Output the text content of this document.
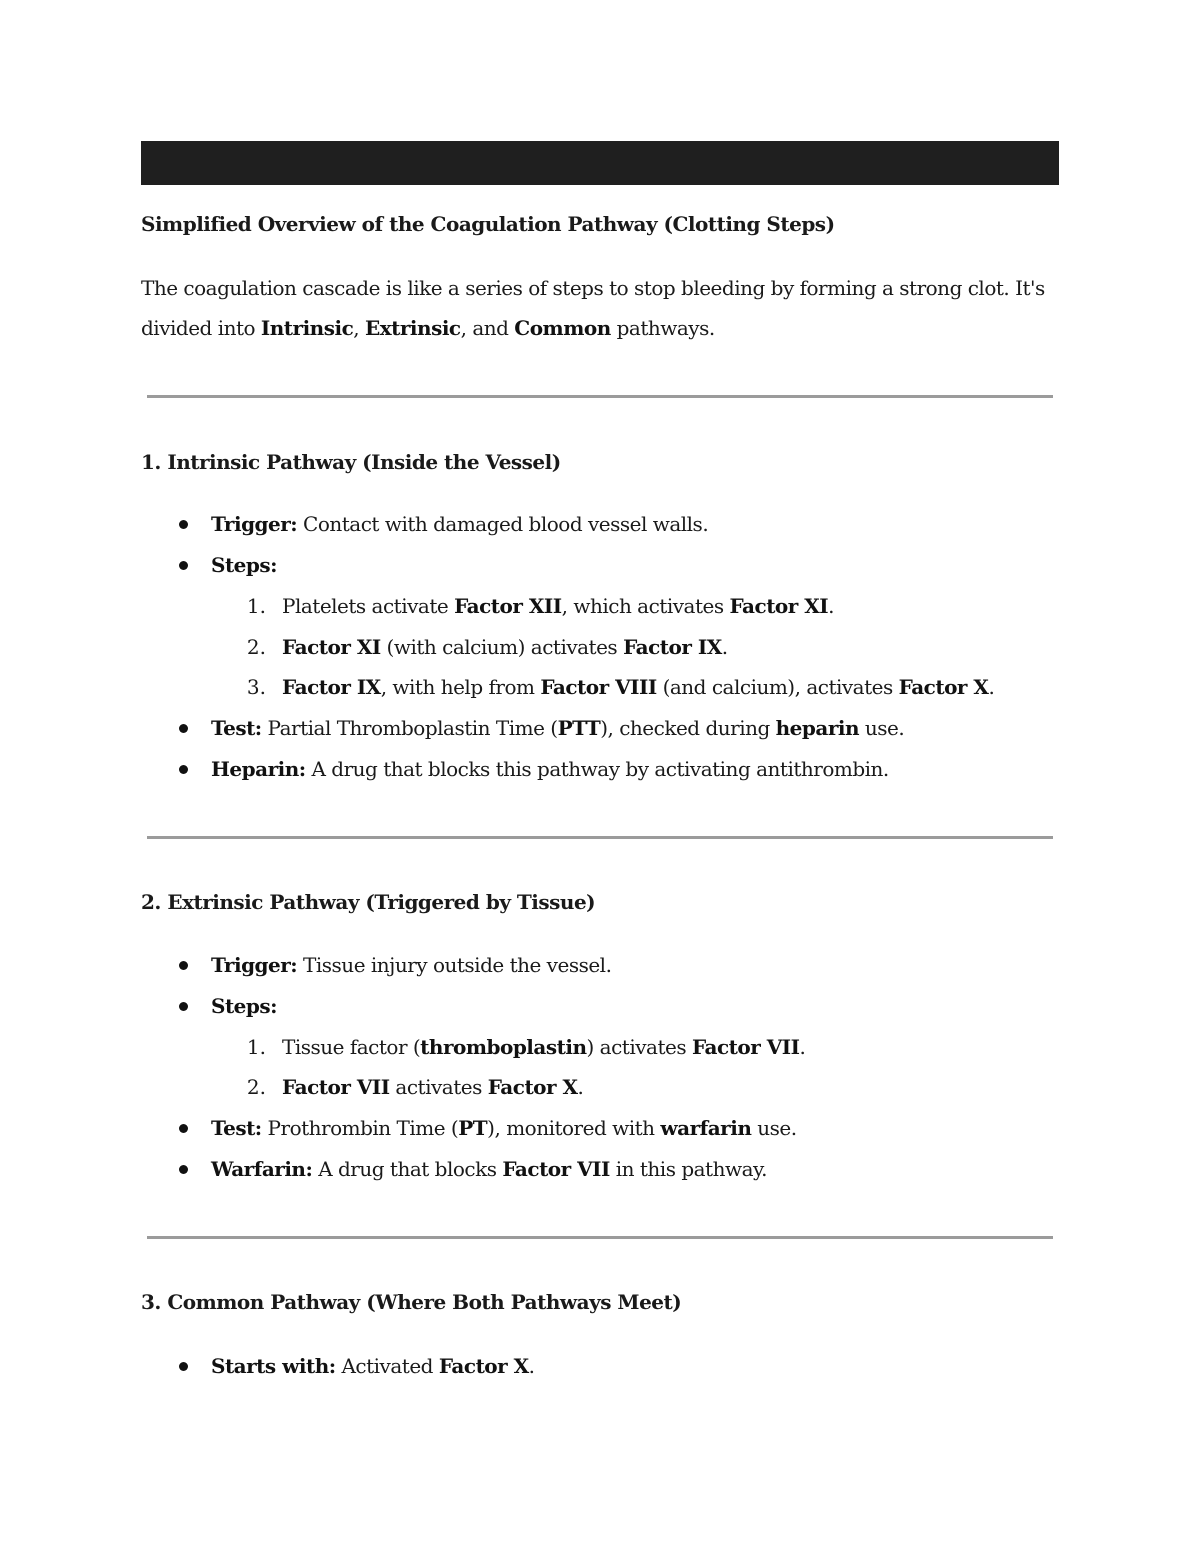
Simplified Overview of the Coagulation Pathway (Clotting Steps)
The coagulation cascade is like a series of steps to stop bleeding by forming a strong clot. It's
divided into Intrinsic, Extrinsic, and Common pathways.
1. Intrinsic Pathway (Inside the Vessel)
Trigger: Contact with damaged blood vessel walls.
Steps:
1. Platelets activate Factor XII, which activates Factor XI.
2. Factor XI (with calcium) activates Factor IX.
3. Factor IX, with help from Factor VIII (and calcium), activates Factor X.
Test: Partial Thromboplastin Time (PTT), checked during heparin use.
Heparin: A drug that blocks this pathway by activating antithrombin.
2. Extrinsic Pathway (Triggered by Tissue)
Trigger: Tissue injury outside the vessel.
Steps:
1. Tissue factor (thromboplastin) activates Factor VII.
2. Factor VII activates Factor X.
Test: Prothrombin Time (PT), monitored with warfarin use.
Warfarin: A drug that blocks Factor VII in this pathway.
3. Common Pathway (Where Both Pathways Meet)
Starts with: Activated Factor X.
